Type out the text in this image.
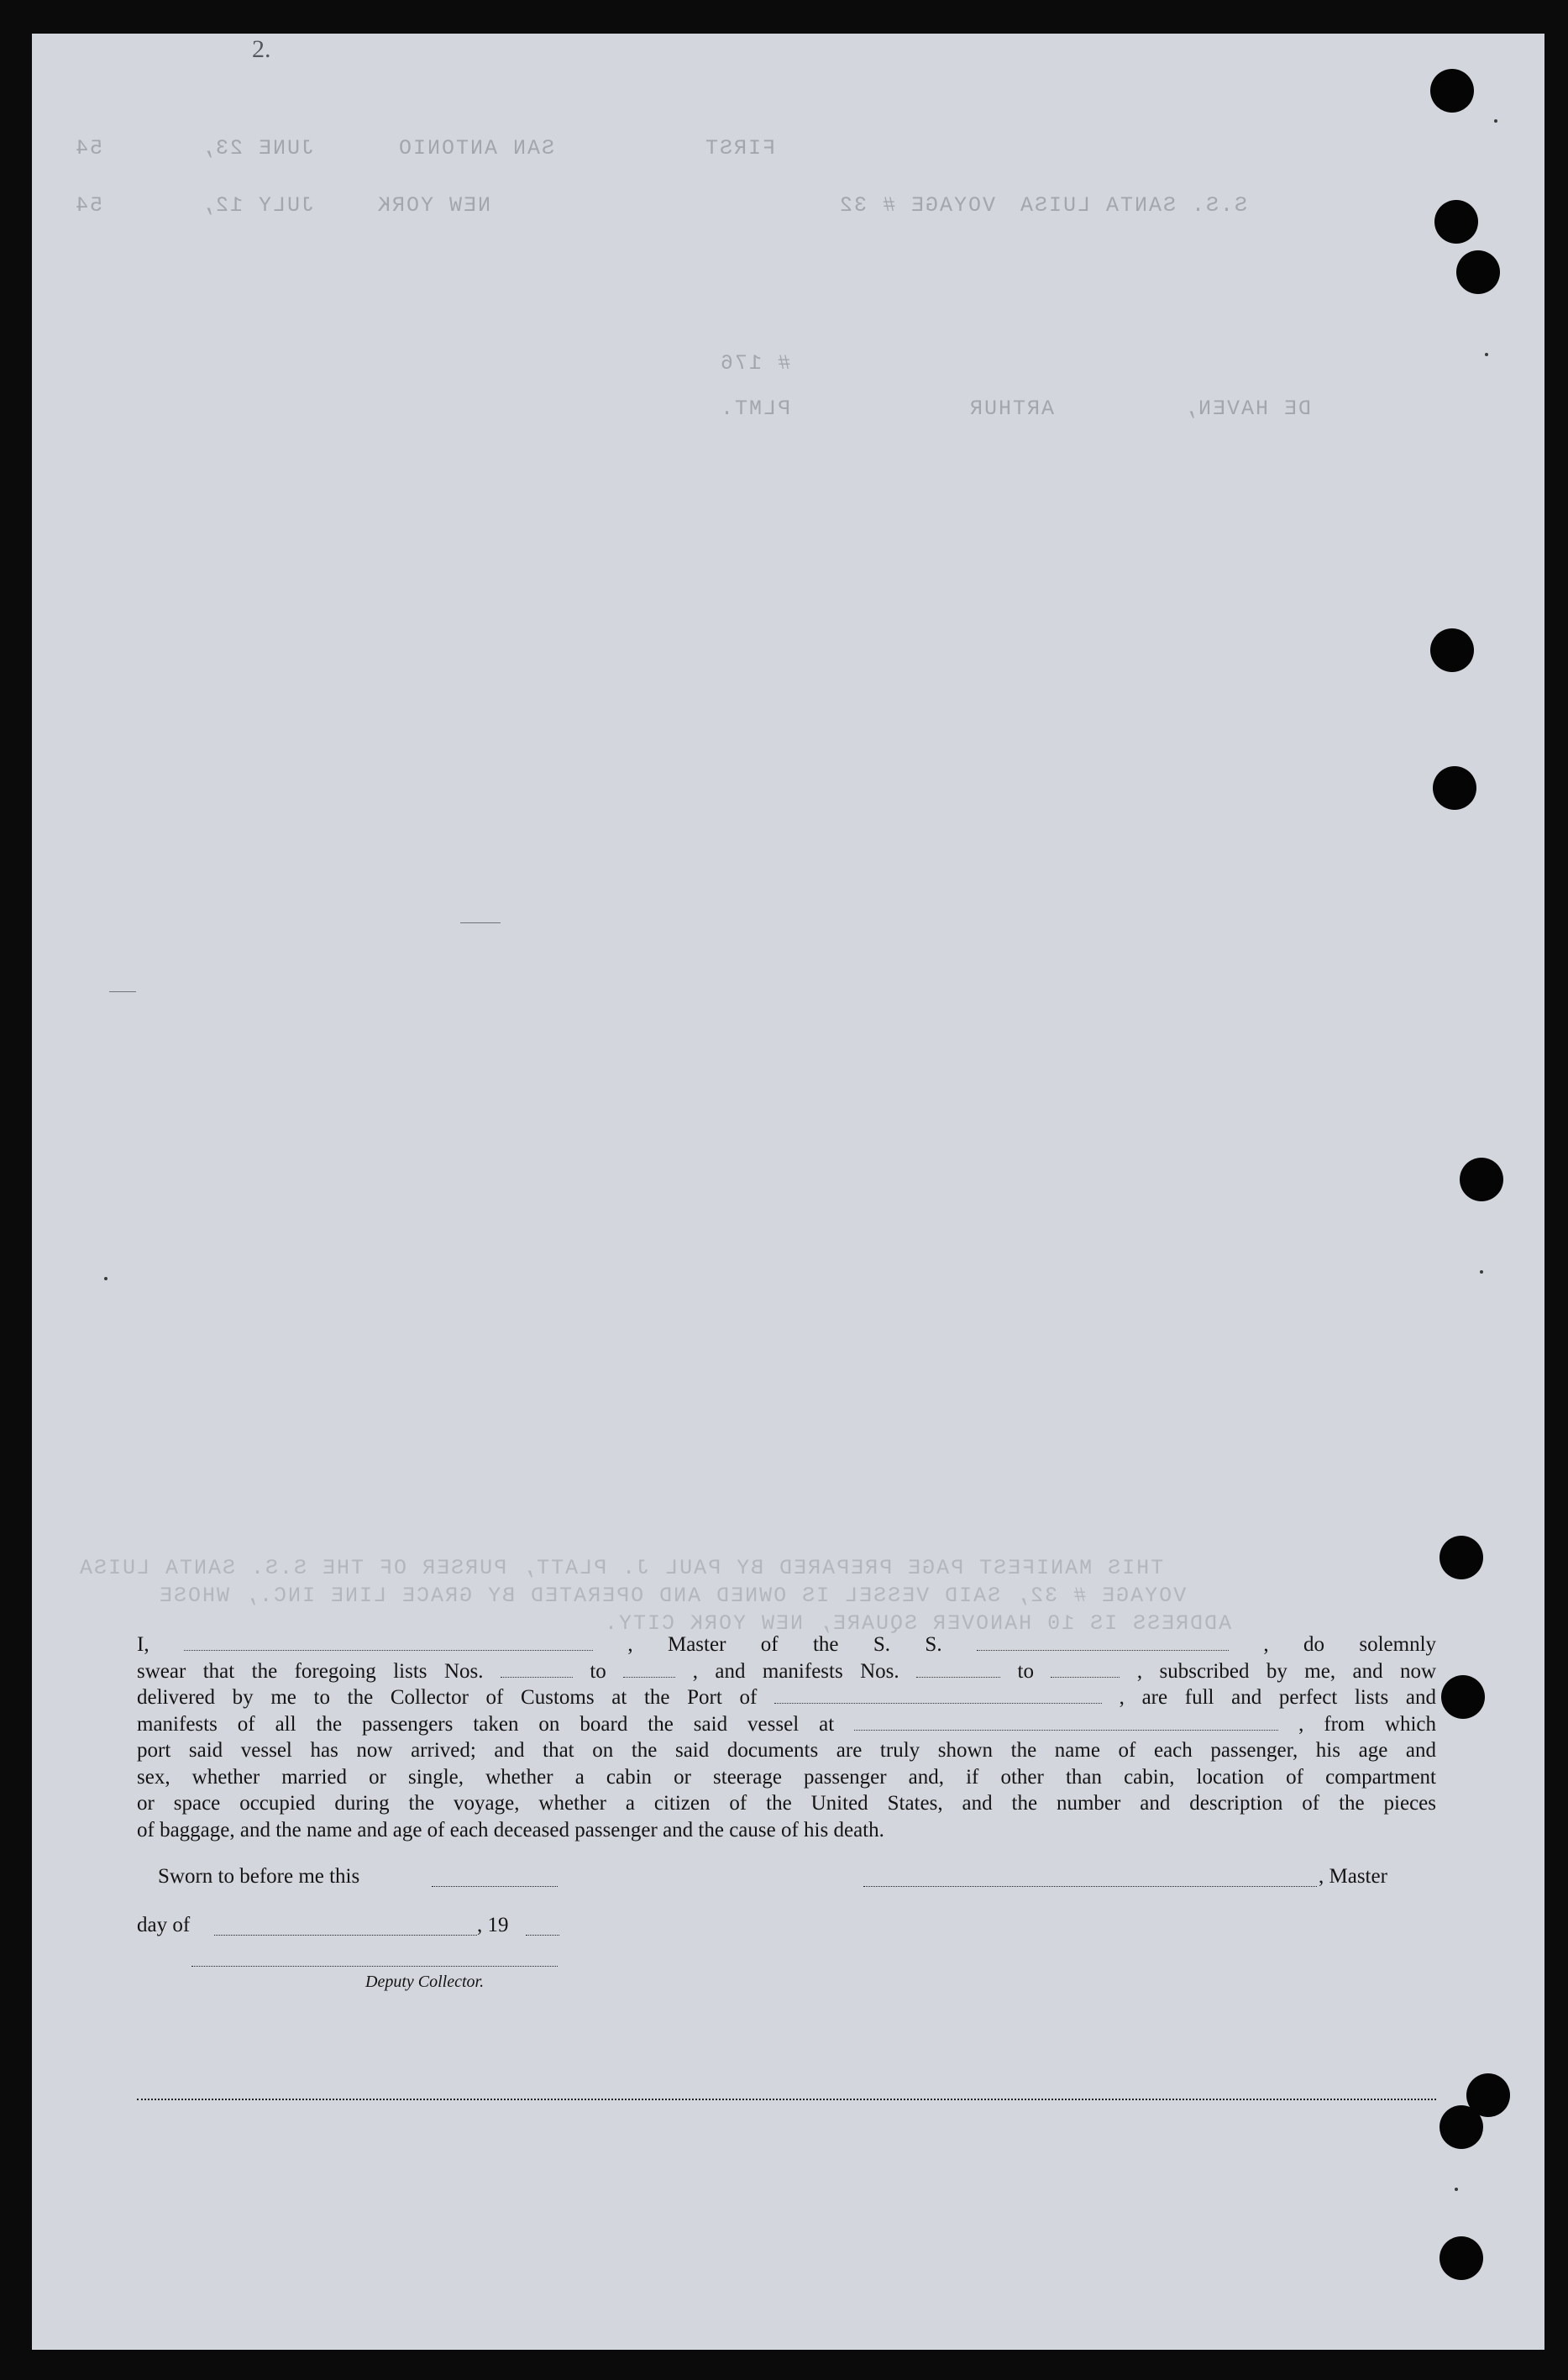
2.
FIRST
SAN ANTONIO
JUNE 23,
54
S.S. SANTA LUISA
VOYAGE # 32
NEW YORK
JULY 12,
54
# 176
DE HAVEN,
ARTHUR
PLMT.
THIS MANIFEST PAGE PREPARED BY PAUL J. PLATT, PURSER OF THE S.S. SANTA LUISA
VOYAGE # 32, SAID VESSEL IS OWNED AND OPERATED BY GRACE LINE INC., WHOSE
ADDRESS IS 10 HANOVER SQUARE, NEW YORK CITY.

I,	, Master of the S. S.	, do solemnly

swear that the foregoing lists Nos.	to	, and manifests Nos.	to	, subscribed by me, and now

delivered by me to the Collector of Customs at the Port of	, are full and perfect lists and

manifests of all the passengers taken on board the said vessel at	, from which

port said vessel has now arrived; and that on the said documents are truly shown the name of each passenger, his age and

sex, whether married or single, whether a cabin or steerage passenger and, if other than cabin, location of compartment

or space occupied during the voyage, whether a citizen of the United States, and the number and description of the pieces

of baggage, and the name and age of each deceased passenger and the cause of his death.

Sworn to before me this	, Master
day of	, 19
Deputy Collector.
